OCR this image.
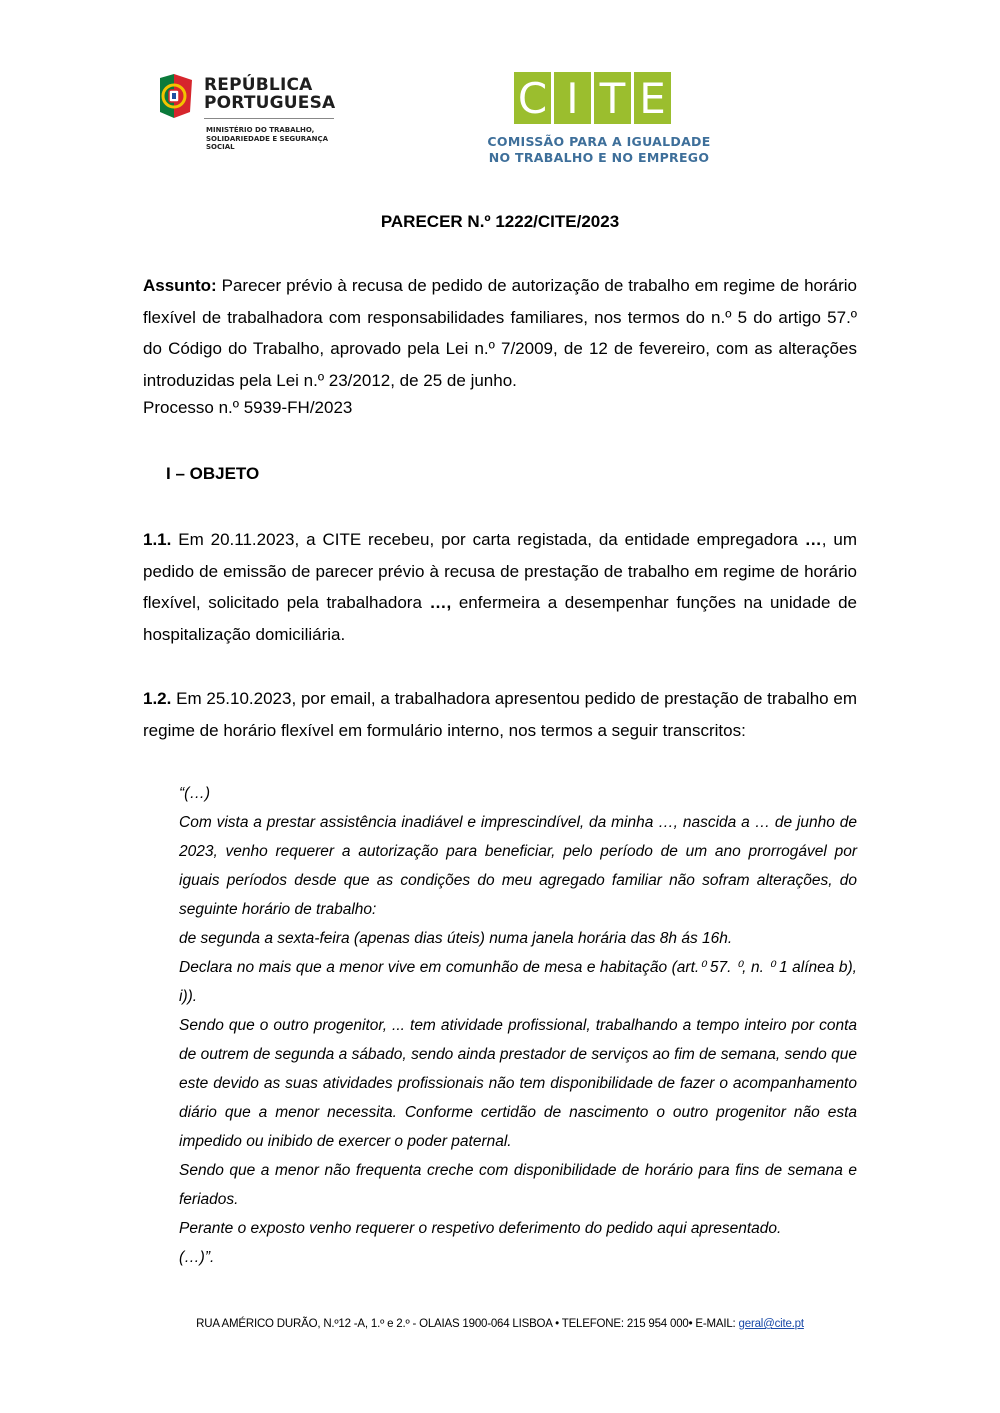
REPÚBLICA
PORTUGUESA
MINISTÉRIO DO TRABALHO,
SOLIDARIEDADE E SEGURANÇA
SOCIAL
C I T E
COMISSÃO PARA A IGUALDADE
NO TRABALHO E NO EMPREGO
PARECER N.º 1222/CITE/2023
Assunto: Parecer prévio à recusa de pedido de autorização de trabalho em regime de horário flexível de trabalhadora com responsabilidades familiares, nos termos do n.º 5 do artigo 57.º do Código do Trabalho, aprovado pela Lei n.º 7/2009, de 12 de fevereiro, com as alterações introduzidas pela Lei n.º 23/2012, de 25 de junho.
Processo n.º 5939-FH/2023
I – OBJETO
1.1. Em 20.11.2023, a CITE recebeu, por carta registada, da entidade empregadora …, um pedido de emissão de parecer prévio à recusa de prestação de trabalho em regime de horário flexível, solicitado pela trabalhadora …, enfermeira a desempenhar funções na unidade de hospitalização domiciliária.
1.2. Em 25.10.2023, por email, a trabalhadora apresentou pedido de prestação de trabalho em regime de horário flexível em formulário interno, nos termos a seguir transcritos:

“(…)

Com vista a prestar assistência inadiável e imprescindível, da minha …, nascida a … de junho de 2023, venho requerer a autorização para beneficiar, pelo período de um ano prorrogável por iguais períodos desde que as condições do meu agregado familiar não sofram alterações, do seguinte horário de trabalho:

de segunda a sexta-feira (apenas dias úteis) numa janela horária das 8h ás 16h.

Declara no mais que a menor vive em comunhão de mesa e habitação (art.⁰ 57. ⁰, n. ⁰ 1 alínea b), i)).

Sendo que o outro progenitor, ... tem atividade profissional, trabalhando a tempo inteiro por conta de outrem de segunda a sábado, sendo ainda prestador de serviços ao fim de semana, sendo que este devido as suas atividades profissionais não tem disponibilidade de fazer o acompanhamento diário que a menor necessita. Conforme certidão de nascimento o outro progenitor não esta impedido ou inibido de exercer o poder paternal.

Sendo que a menor não frequenta creche com disponibilidade de horário para fins de semana e feriados.

Perante o exposto venho requerer o respetivo deferimento do pedido aqui apresentado.

(…)”.

RUA AMÉRICO DURÃO, N.º12 -A, 1.º e 2.º - OLAIAS 1900-064 LISBOA • TELEFONE: 215 954 000• E-MAIL: geral@cite.pt
